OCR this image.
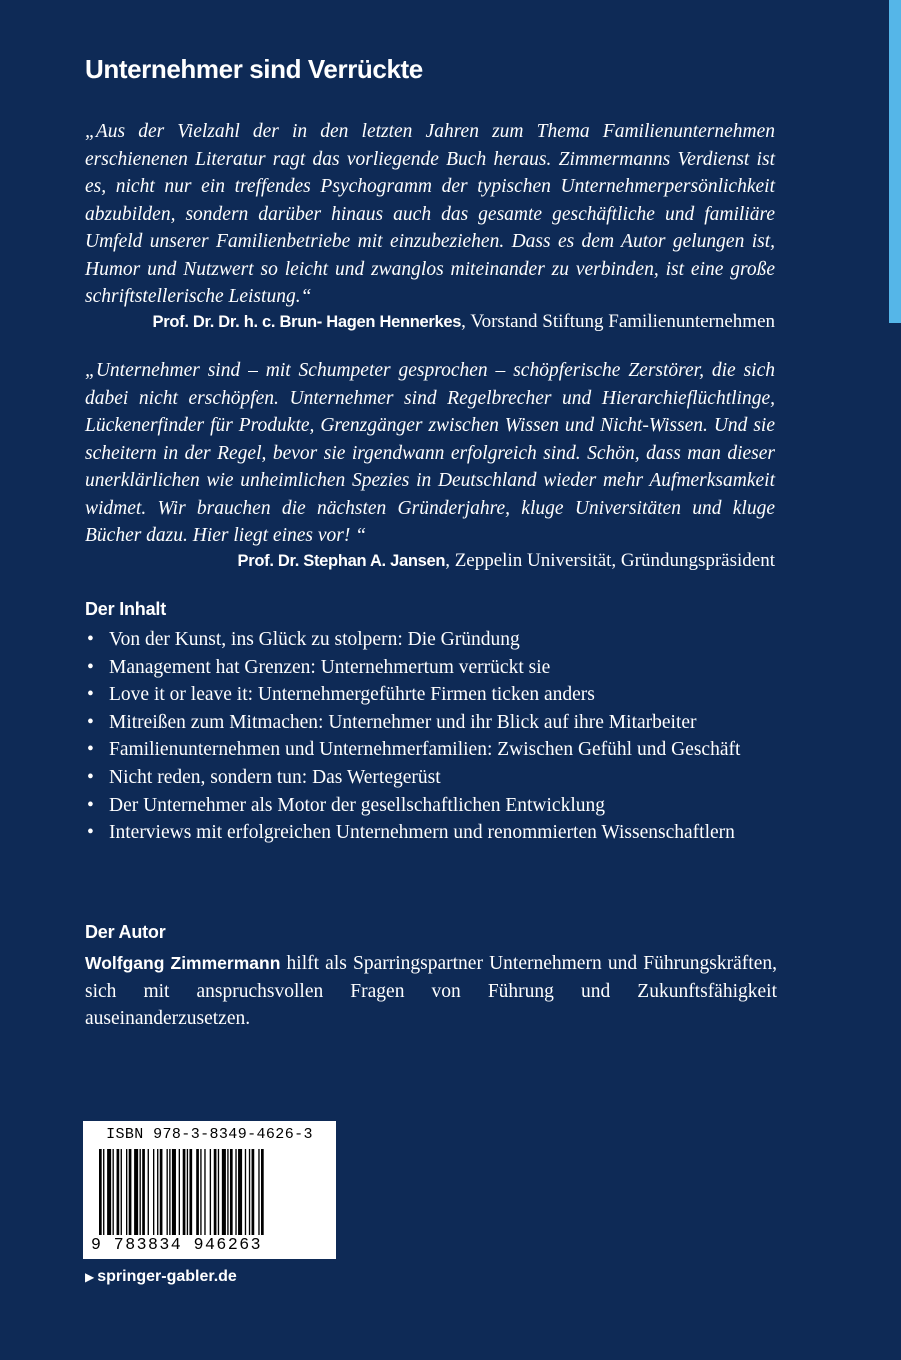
Unternehmer sind Verrückte
„Aus der Vielzahl der in den letzten Jahren zum Thema Familienunternehmen erschienenen Literatur ragt das vorliegende Buch heraus. Zimmermanns Verdienst ist es, nicht nur ein treffendes Psychogramm der typischen Unternehmerpersönlichkeit abzubilden, sondern darüber hinaus auch das gesamte geschäftliche und familiäre Umfeld unserer Familienbetriebe mit einzubeziehen. Dass es dem Autor gelungen ist, Humor und Nutzwert so leicht und zwanglos miteinander zu verbinden, ist eine große schriftstellerische Leistung.“
Prof. Dr. Dr. h. c. Brun- Hagen Hennerkes, Vorstand Stiftung Familienunternehmen
„Unternehmer sind – mit Schumpeter gesprochen – schöpferische Zerstörer, die sich dabei nicht erschöpfen. Unternehmer sind Regelbrecher und Hierarchieflüchtlinge, Lückenerfinder für Produkte, Grenzgänger zwischen Wissen und Nicht-Wissen. Und sie scheitern in der Regel, bevor sie irgendwann erfolgreich sind. Schön, dass man dieser unerklärlichen wie unheimlichen Spezies in Deutschland wieder mehr Aufmerksamkeit widmet. Wir brauchen die nächsten Gründerjahre, kluge Universitäten und kluge Bücher dazu. Hier liegt eines vor! “
Prof. Dr. Stephan A. Jansen, Zeppelin Universität, Gründungspräsident
Der Inhalt
• Von der Kunst, ins Glück zu stolpern: Die Gründung
• Management hat Grenzen: Unternehmertum verrückt sie
• Love it or leave it: Unternehmergeführte Firmen ticken anders
• Mitreißen zum Mitmachen: Unternehmer und ihr Blick auf ihre Mitarbeiter
• Familienunternehmen und Unternehmerfamilien: Zwischen Gefühl und Geschäft
• Nicht reden, sondern tun: Das Wertegerüst
• Der Unternehmer als Motor der gesellschaftlichen Entwicklung
• Interviews mit erfolgreichen Unternehmern und renommierten Wissenschaftlern
Der Autor
Wolfgang Zimmermann hilft als Sparringspartner Unternehmern und Führungskräften, sich mit anspruchsvollen Fragen von Führung und Zukunftsfähigkeit auseinanderzusetzen.
ISBN 978-3-8349-4626-3
9 783834 946263
▶ springer-gabler.de
